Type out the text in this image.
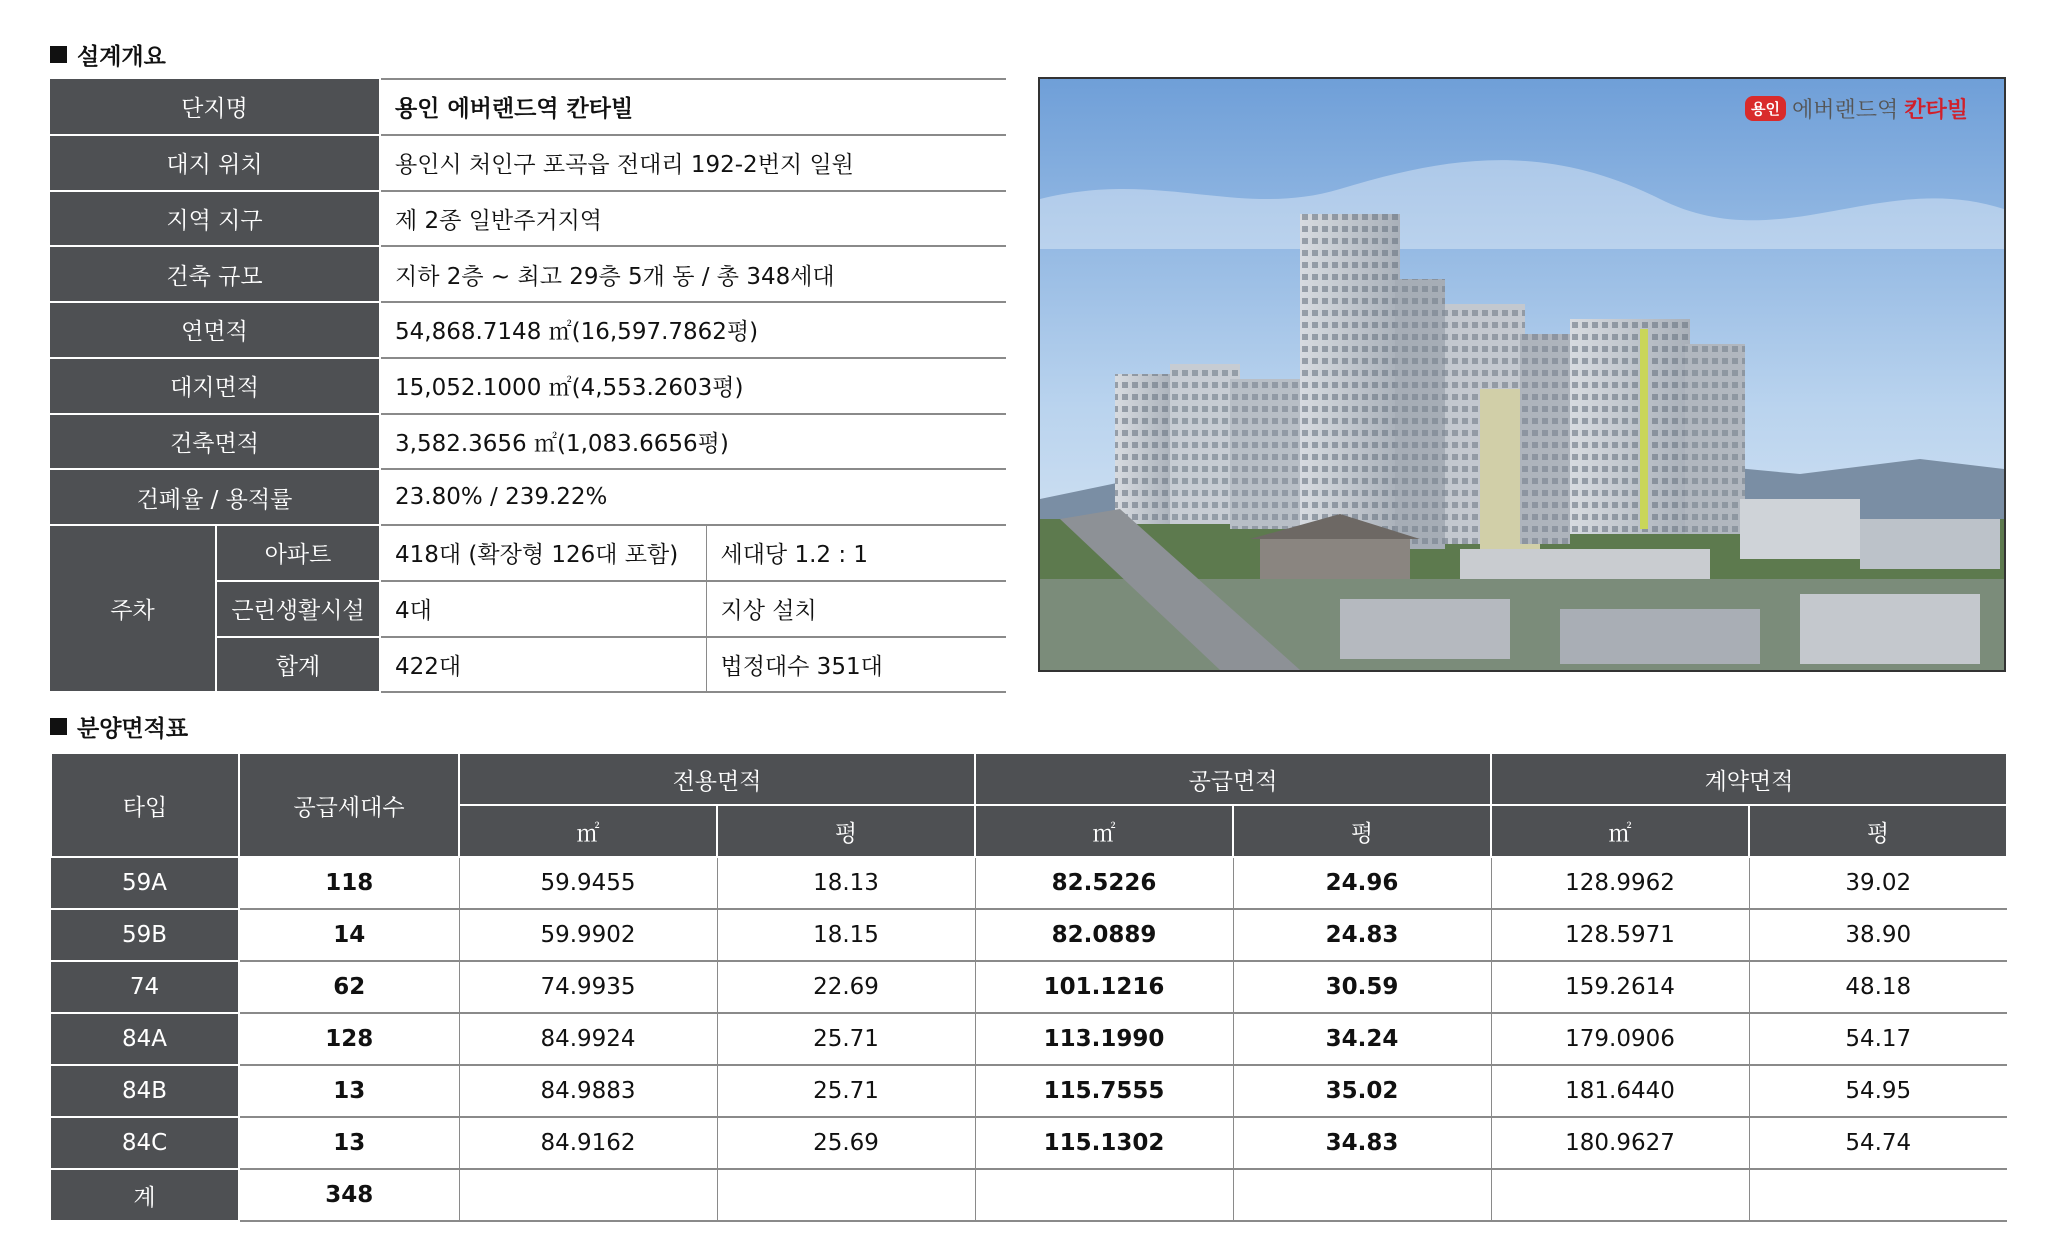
설계개요
단지명		용인 에버랜드역 칸타빌	
대지 위치		용인시 처인구 포곡읍 전대리 192-2번지 일원	
지역 지구		제 2종 일반주거지역	
건축 규모		지하 2층 ~ 최고 29층 5개 동 / 총 348세대	
연면적		54,868.7148 ㎡(16,597.7862평)	
대지면적		15,052.1000 ㎡(4,553.2603평)	
건축면적		3,582.3656 ㎡(1,083.6656평)	
건폐율 / 용적률		23.80% / 239.22%	
주차	아파트	418대 (확장형 126대 포함)	세대당 1.2 : 1
	근린생활시설	4대	지상 설치
	합계	422대	법정대수 351대
용인 에버랜드역 칸타빌
분양면적표
타입	공급세대수	전용면적		공급면적		계약면적	
		㎡	평	㎡	평	㎡	평
59A	118	59.9455	18.13	82.5226	24.96	128.9962	39.02
59B	14	59.9902	18.15	82.0889	24.83	128.5971	38.90
74	62	74.9935	22.69	101.1216	30.59	159.2614	48.18
84A	128	84.9924	25.71	113.1990	34.24	179.0906	54.17
84B	13	84.9883	25.71	115.7555	35.02	181.6440	54.95
84C	13	84.9162	25.69	115.1302	34.83	180.9627	54.74
계	348						
